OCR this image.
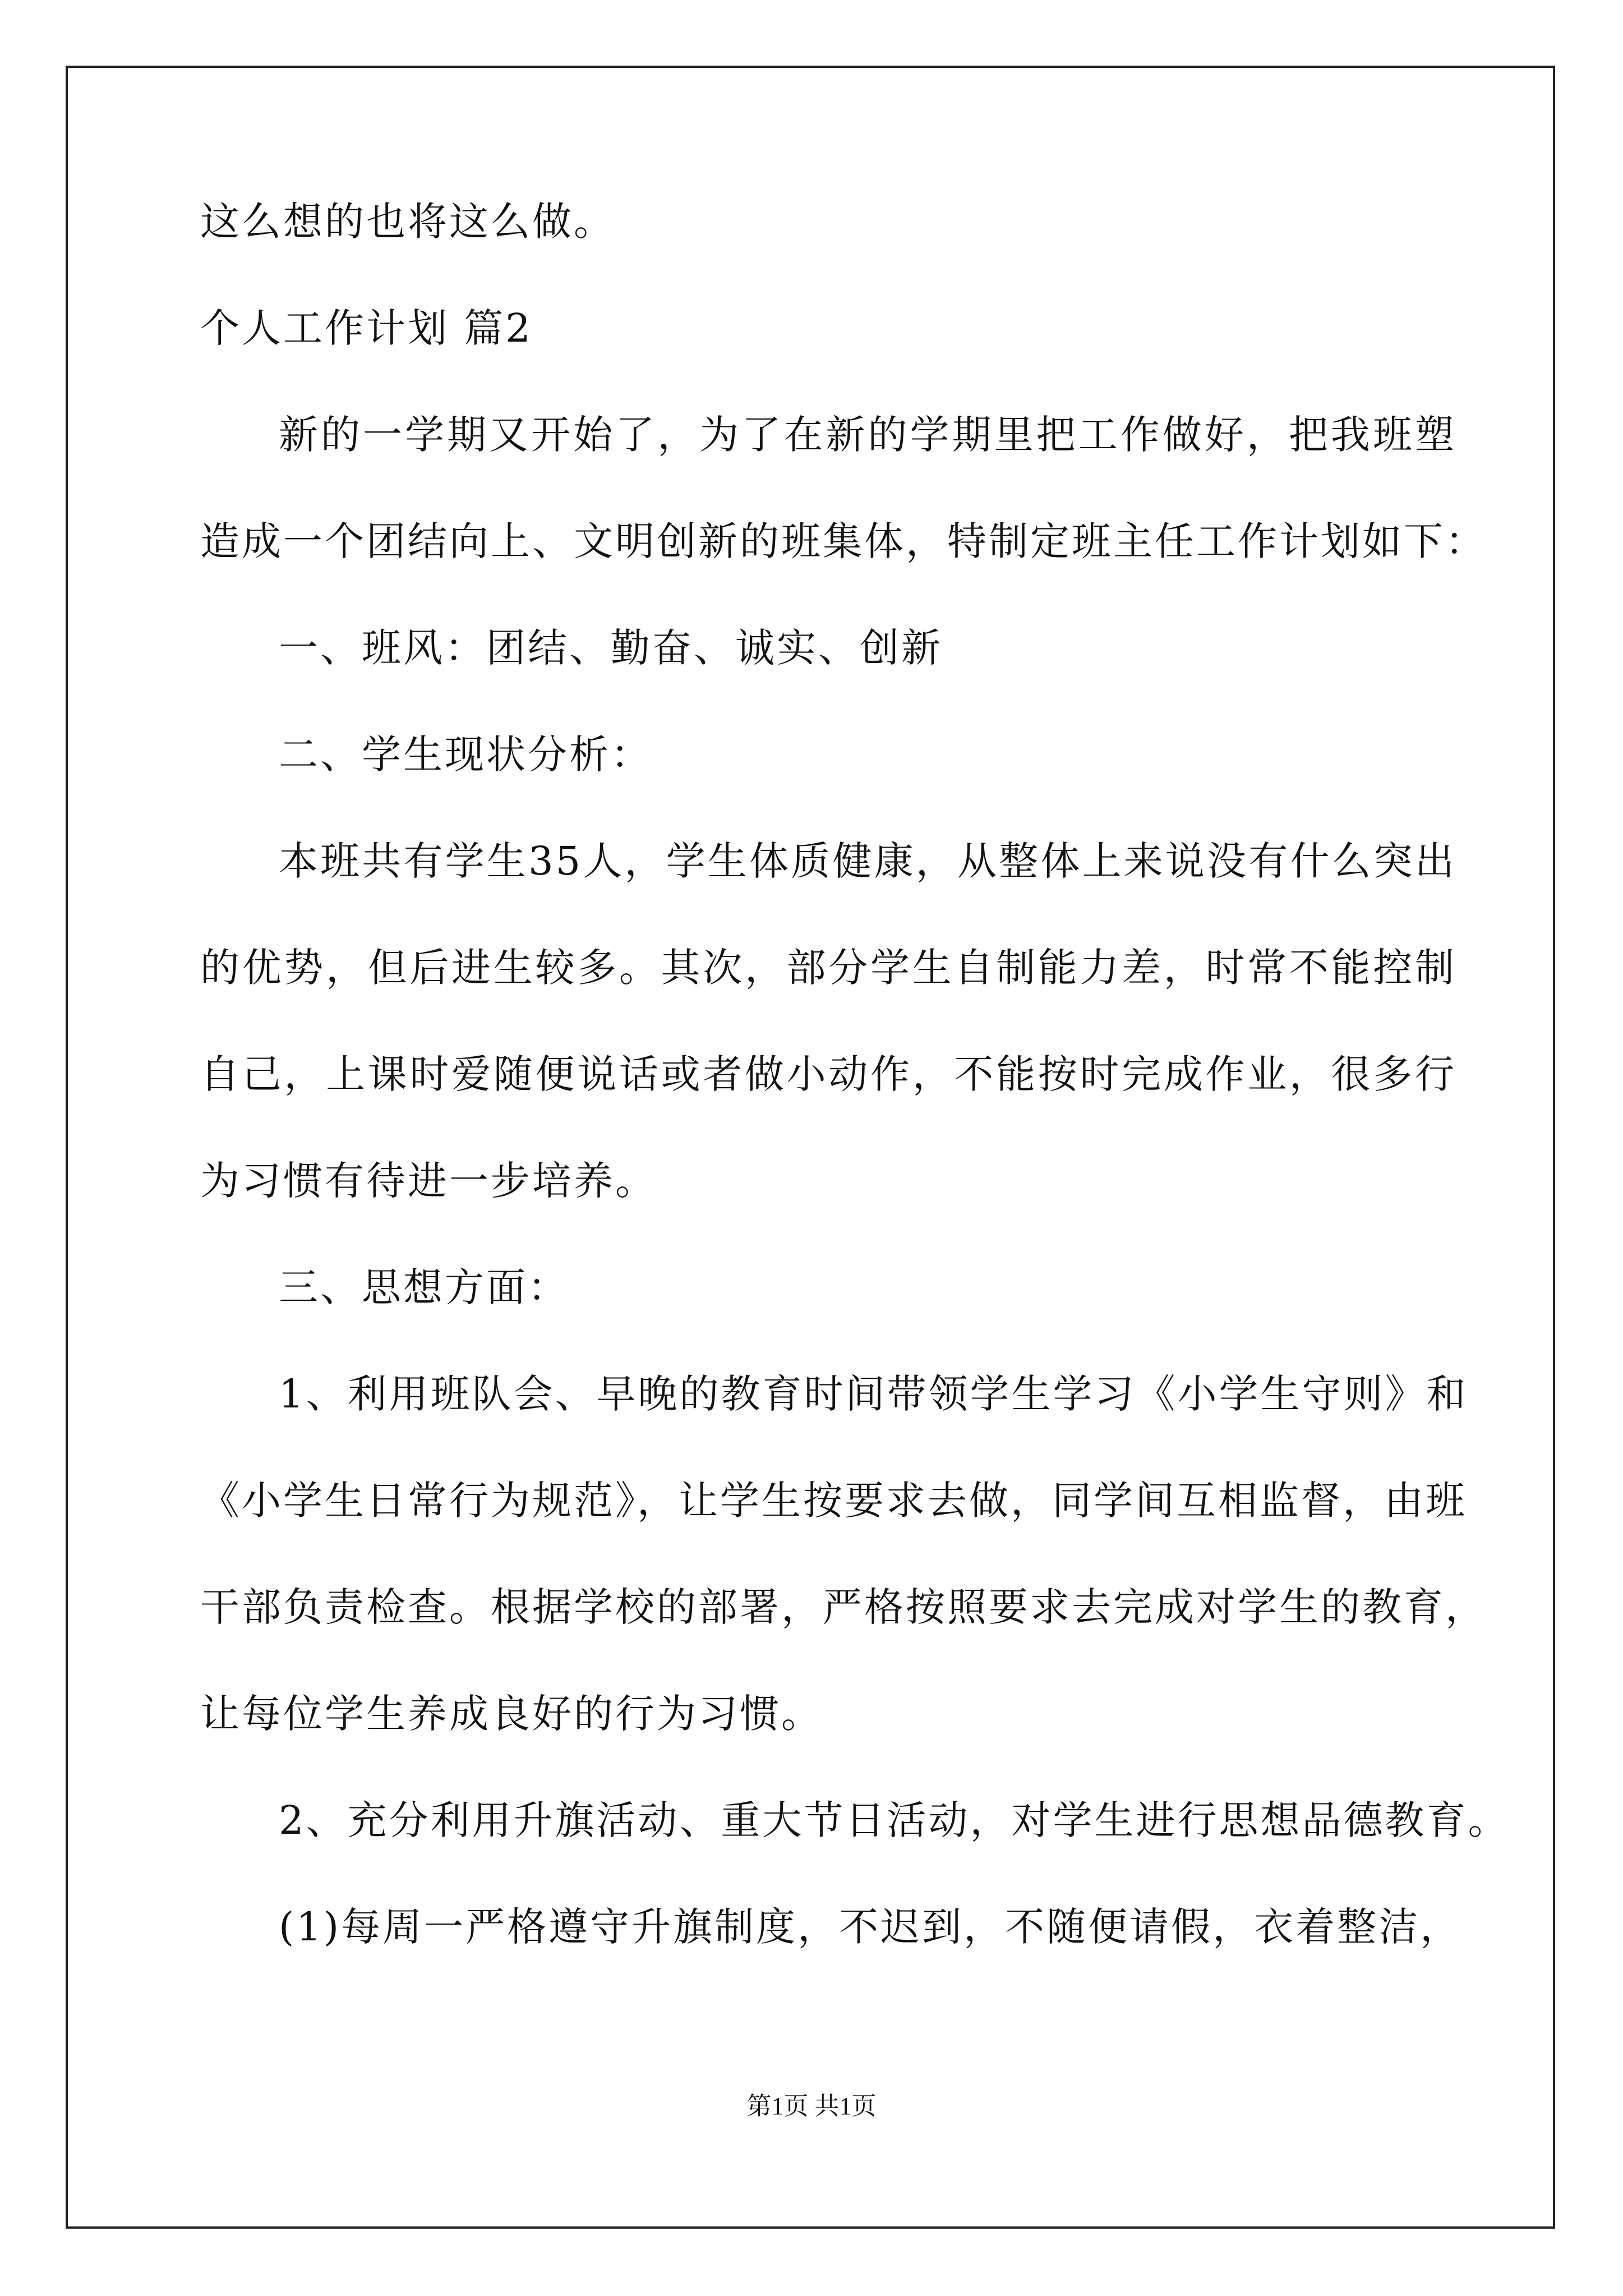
这么想的也将这么做。
个人工作计划 篇2
新的一学期又开始了，为了在新的学期里把工作做好，把我班塑
造成一个团结向上、文明创新的班集体，特制定班主任工作计划如下：
一、班风：团结、勤奋、诚实、创新
二、学生现状分析：
本班共有学生35人，学生体质健康，从整体上来说没有什么突出
的优势，但后进生较多。其次，部分学生自制能力差，时常不能控制
自己，上课时爱随便说话或者做小动作，不能按时完成作业，很多行
为习惯有待进一步培养。
三、思想方面：
1、利用班队会、早晚的教育时间带领学生学习《小学生守则》和
《小学生日常行为规范》，让学生按要求去做，同学间互相监督，由班
干部负责检查。根据学校的部署，严格按照要求去完成对学生的教育，
让每位学生养成良好的行为习惯。
2、充分利用升旗活动、重大节日活动，对学生进行思想品德教育。
(1)每周一严格遵守升旗制度，不迟到，不随便请假，衣着整洁，
第1页 共1页
